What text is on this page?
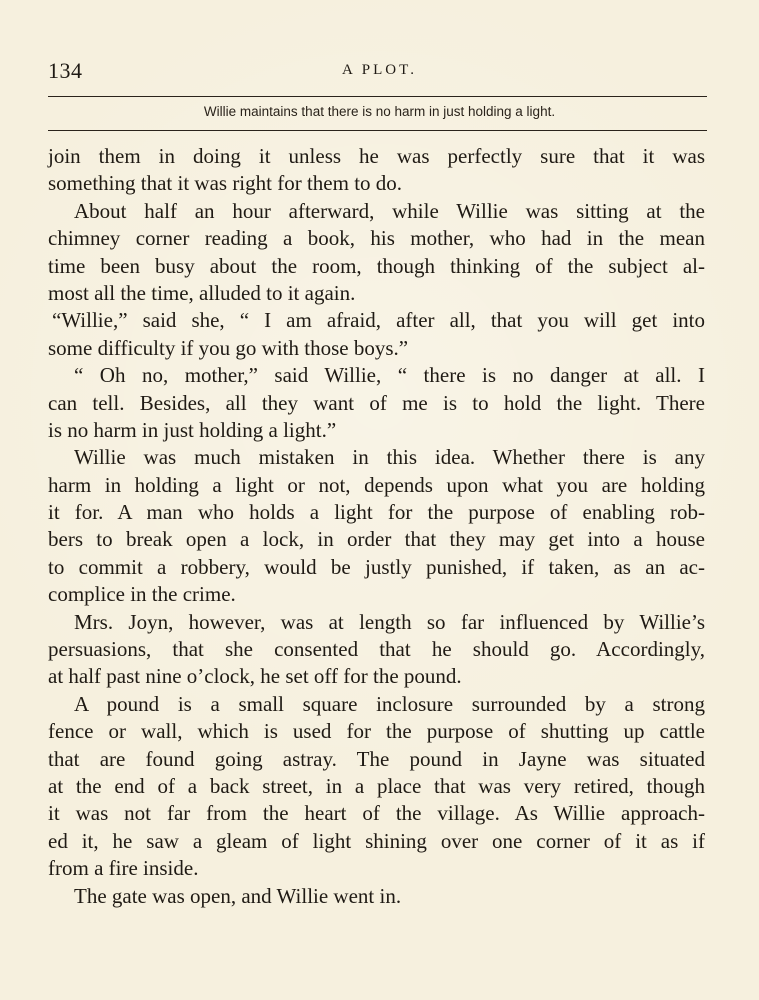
134	A PLOT.
Willie maintains that there is no harm in just holding a light.
join them in doing it unless he was perfectly sure that it was
something that it was right for them to do.
About half an hour afterward, while Willie was sitting at the
chimney corner reading a book, his mother, who had in the mean
time been busy about the room, though thinking of the subject al-
most all the time, alluded to it again.
“Willie,” said she, “ I am afraid, after all, that you will get into
some difficulty if you go with those boys.”
“ Oh no, mother,” said Willie, “ there is no danger at all. I
can tell. Besides, all they want of me is to hold the light. There
is no harm in just holding a light.”
Willie was much mistaken in this idea. Whether there is any
harm in holding a light or not, depends upon what you are holding
it for. A man who holds a light for the purpose of enabling rob-
bers to break open a lock, in order that they may get into a house
to commit a robbery, would be justly punished, if taken, as an ac-
complice in the crime.
Mrs. Joyn, however, was at length so far influenced by Willie’s
persuasions, that she consented that he should go. Accordingly,
at half past nine o’clock, he set off for the pound.
A pound is a small square inclosure surrounded by a strong
fence or wall, which is used for the purpose of shutting up cattle
that are found going astray. The pound in Jayne was situated
at the end of a back street, in a place that was very retired, though
it was not far from the heart of the village. As Willie approach-
ed it, he saw a gleam of light shining over one corner of it as if
from a fire inside.
The gate was open, and Willie went in.
